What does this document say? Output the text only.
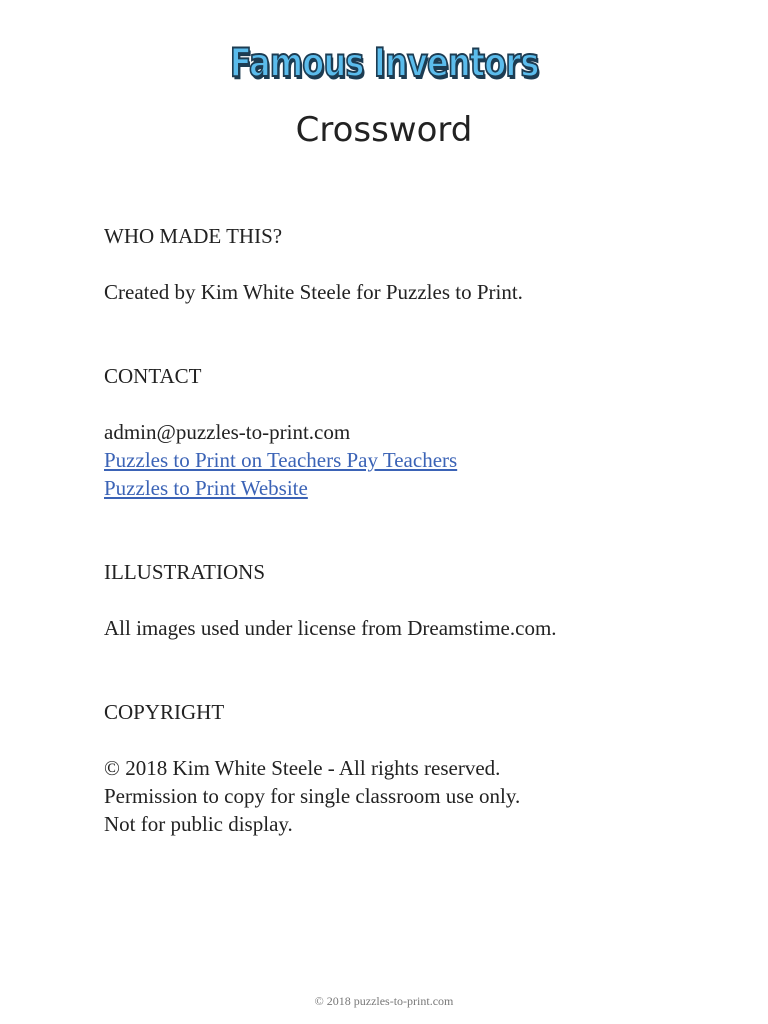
Famous Inventors
Crossword

WHO MADE THIS?

Created by Kim White Steele for Puzzles to Print.

CONTACT

admin@puzzles-to-print.com

Puzzles to Print on Teachers Pay Teachers

Puzzles to Print Website

ILLUSTRATIONS

All images used under license from Dreamstime.com.

COPYRIGHT

© 2018 Kim White Steele - All rights reserved.

Permission to copy for single classroom use only.

Not for public display.

© 2018 puzzles-to-print.com
